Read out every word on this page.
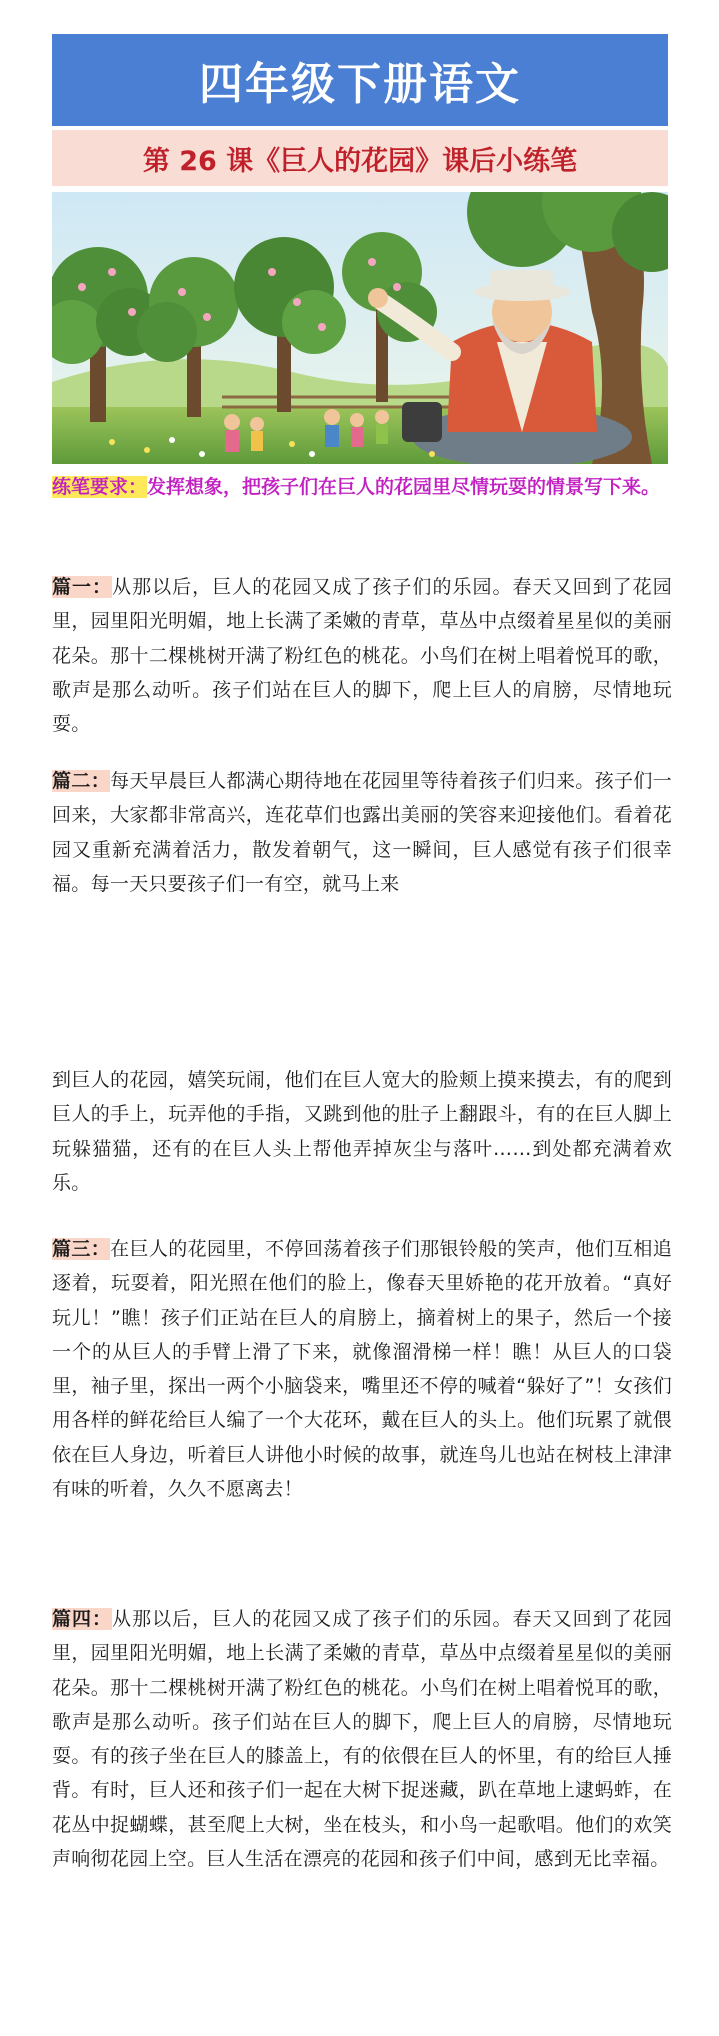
四年级下册语文
第 26 课《巨人的花园》课后小练笔
练笔要求：发挥想象，把孩子们在巨人的花园里尽情玩耍的情景写下来。
篇一：从那以后，巨人的花园又成了孩子们的乐园。春天又回到了花园里，园里阳光明媚，地上长满了柔嫩的青草，草丛中点缀着星星似的美丽花朵。那十二棵桃树开满了粉红色的桃花。小鸟们在树上唱着悦耳的歌，歌声是那么动听。孩子们站在巨人的脚下，爬上巨人的肩膀，尽情地玩耍。
篇二：每天早晨巨人都满心期待地在花园里等待着孩子们归来。孩子们一回来，大家都非常高兴，连花草们也露出美丽的笑容来迎接他们。看着花园又重新充满着活力，散发着朝气，这一瞬间，巨人感觉有孩子们很幸福。每一天只要孩子们一有空，就马上来
到巨人的花园，嬉笑玩闹，他们在巨人宽大的脸颊上摸来摸去，有的爬到巨人的手上，玩弄他的手指，又跳到他的肚子上翻跟斗，有的在巨人脚上玩躲猫猫，还有的在巨人头上帮他弄掉灰尘与落叶……到处都充满着欢乐。
篇三：在巨人的花园里，不停回荡着孩子们那银铃般的笑声，他们互相追逐着，玩耍着，阳光照在他们的脸上，像春天里娇艳的花开放着。“真好玩儿！”瞧！孩子们正站在巨人的肩膀上，摘着树上的果子，然后一个接一个的从巨人的手臂上滑了下来，就像溜滑梯一样！瞧！从巨人的口袋里，袖子里，探出一两个小脑袋来，嘴里还不停的喊着“躲好了”！女孩们用各样的鲜花给巨人编了一个大花环，戴在巨人的头上。他们玩累了就偎依在巨人身边，听着巨人讲他小时候的故事，就连鸟儿也站在树枝上津津有味的听着，久久不愿离去！
篇四：从那以后，巨人的花园又成了孩子们的乐园。春天又回到了花园里，园里阳光明媚，地上长满了柔嫩的青草，草丛中点缀着星星似的美丽花朵。那十二棵桃树开满了粉红色的桃花。小鸟们在树上唱着悦耳的歌，歌声是那么动听。孩子们站在巨人的脚下，爬上巨人的肩膀，尽情地玩耍。有的孩子坐在巨人的膝盖上，有的依偎在巨人的怀里，有的给巨人捶背。有时，巨人还和孩子们一起在大树下捉迷藏，趴在草地上逮蚂蚱，在花丛中捉蝴蝶，甚至爬上大树，坐在枝头，和小鸟一起歌唱。他们的欢笑声响彻花园上空。巨人生活在漂亮的花园和孩子们中间，感到无比幸福。
